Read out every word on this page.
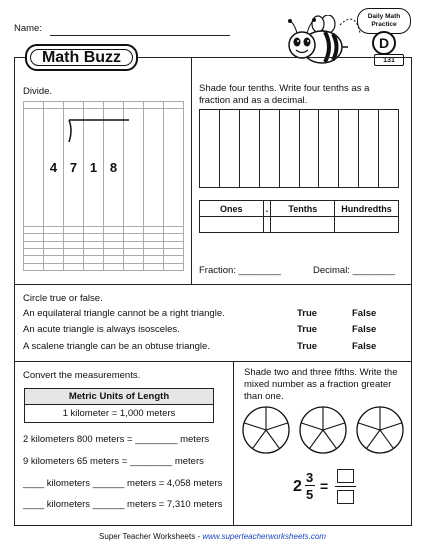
Name:
Daily Math Practice
D
131
Math Buzz
Divide.

	4	7	1	8			

Shade four tenths. Write four tenths as a fraction and as a decimal.
Ones	.	Tenths	Hundredths

Fraction: ________	Decimal: ________
Circle true or false.
An equilateral triangle cannot be a right triangle.	True	False
An acute triangle is always isosceles.	True	False
A scalene triangle can be an obtuse triangle.	True	False
Convert the measurements.
Metric Units of Length
1 kilometer = 1,000 meters
2 kilometers 800 meters = ________ meters
9 kilometers 65 meters = ________ meters
____ kilometers ______ meters = 4,058 meters
____ kilometers ______ meters = 7,310 meters
Shade two and three fifths. Write the mixed number as a fraction greater than one.
2
3
5
=
Super Teacher Worksheets - www.superteacherworksheets.com
